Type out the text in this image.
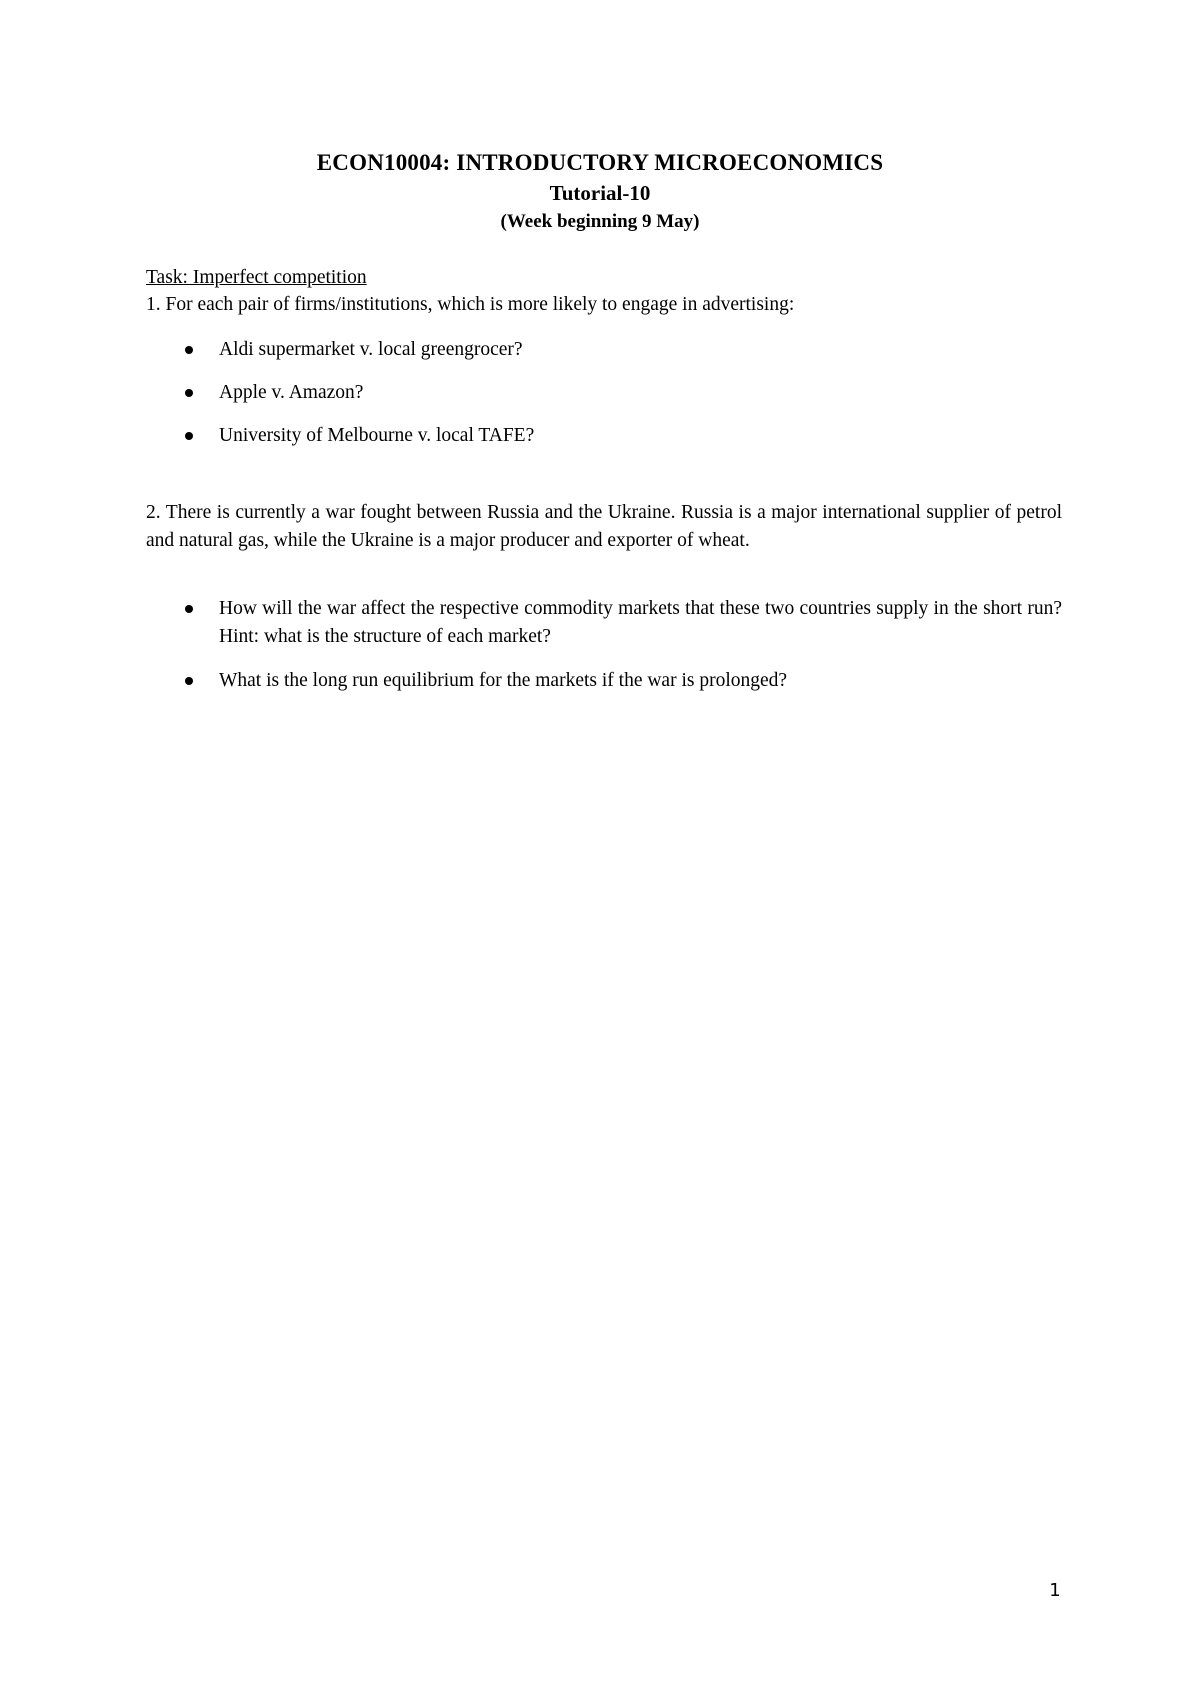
ECON10004: INTRODUCTORY MICROECONOMICS
Tutorial-10
(Week beginning 9 May)
Task: Imperfect competition
1. For each pair of firms/institutions, which is more likely to engage in advertising:
Aldi supermarket v. local greengrocer?
Apple v. Amazon?
University of Melbourne v. local TAFE?
2. There is currently a war fought between Russia and the Ukraine. Russia is a major international supplier of petrol and natural gas, while the Ukraine is a major producer and exporter of wheat.
How will the war affect the respective commodity markets that these two countries supply in the short run? Hint: what is the structure of each market?
What is the long run equilibrium for the markets if the war is prolonged?
1
